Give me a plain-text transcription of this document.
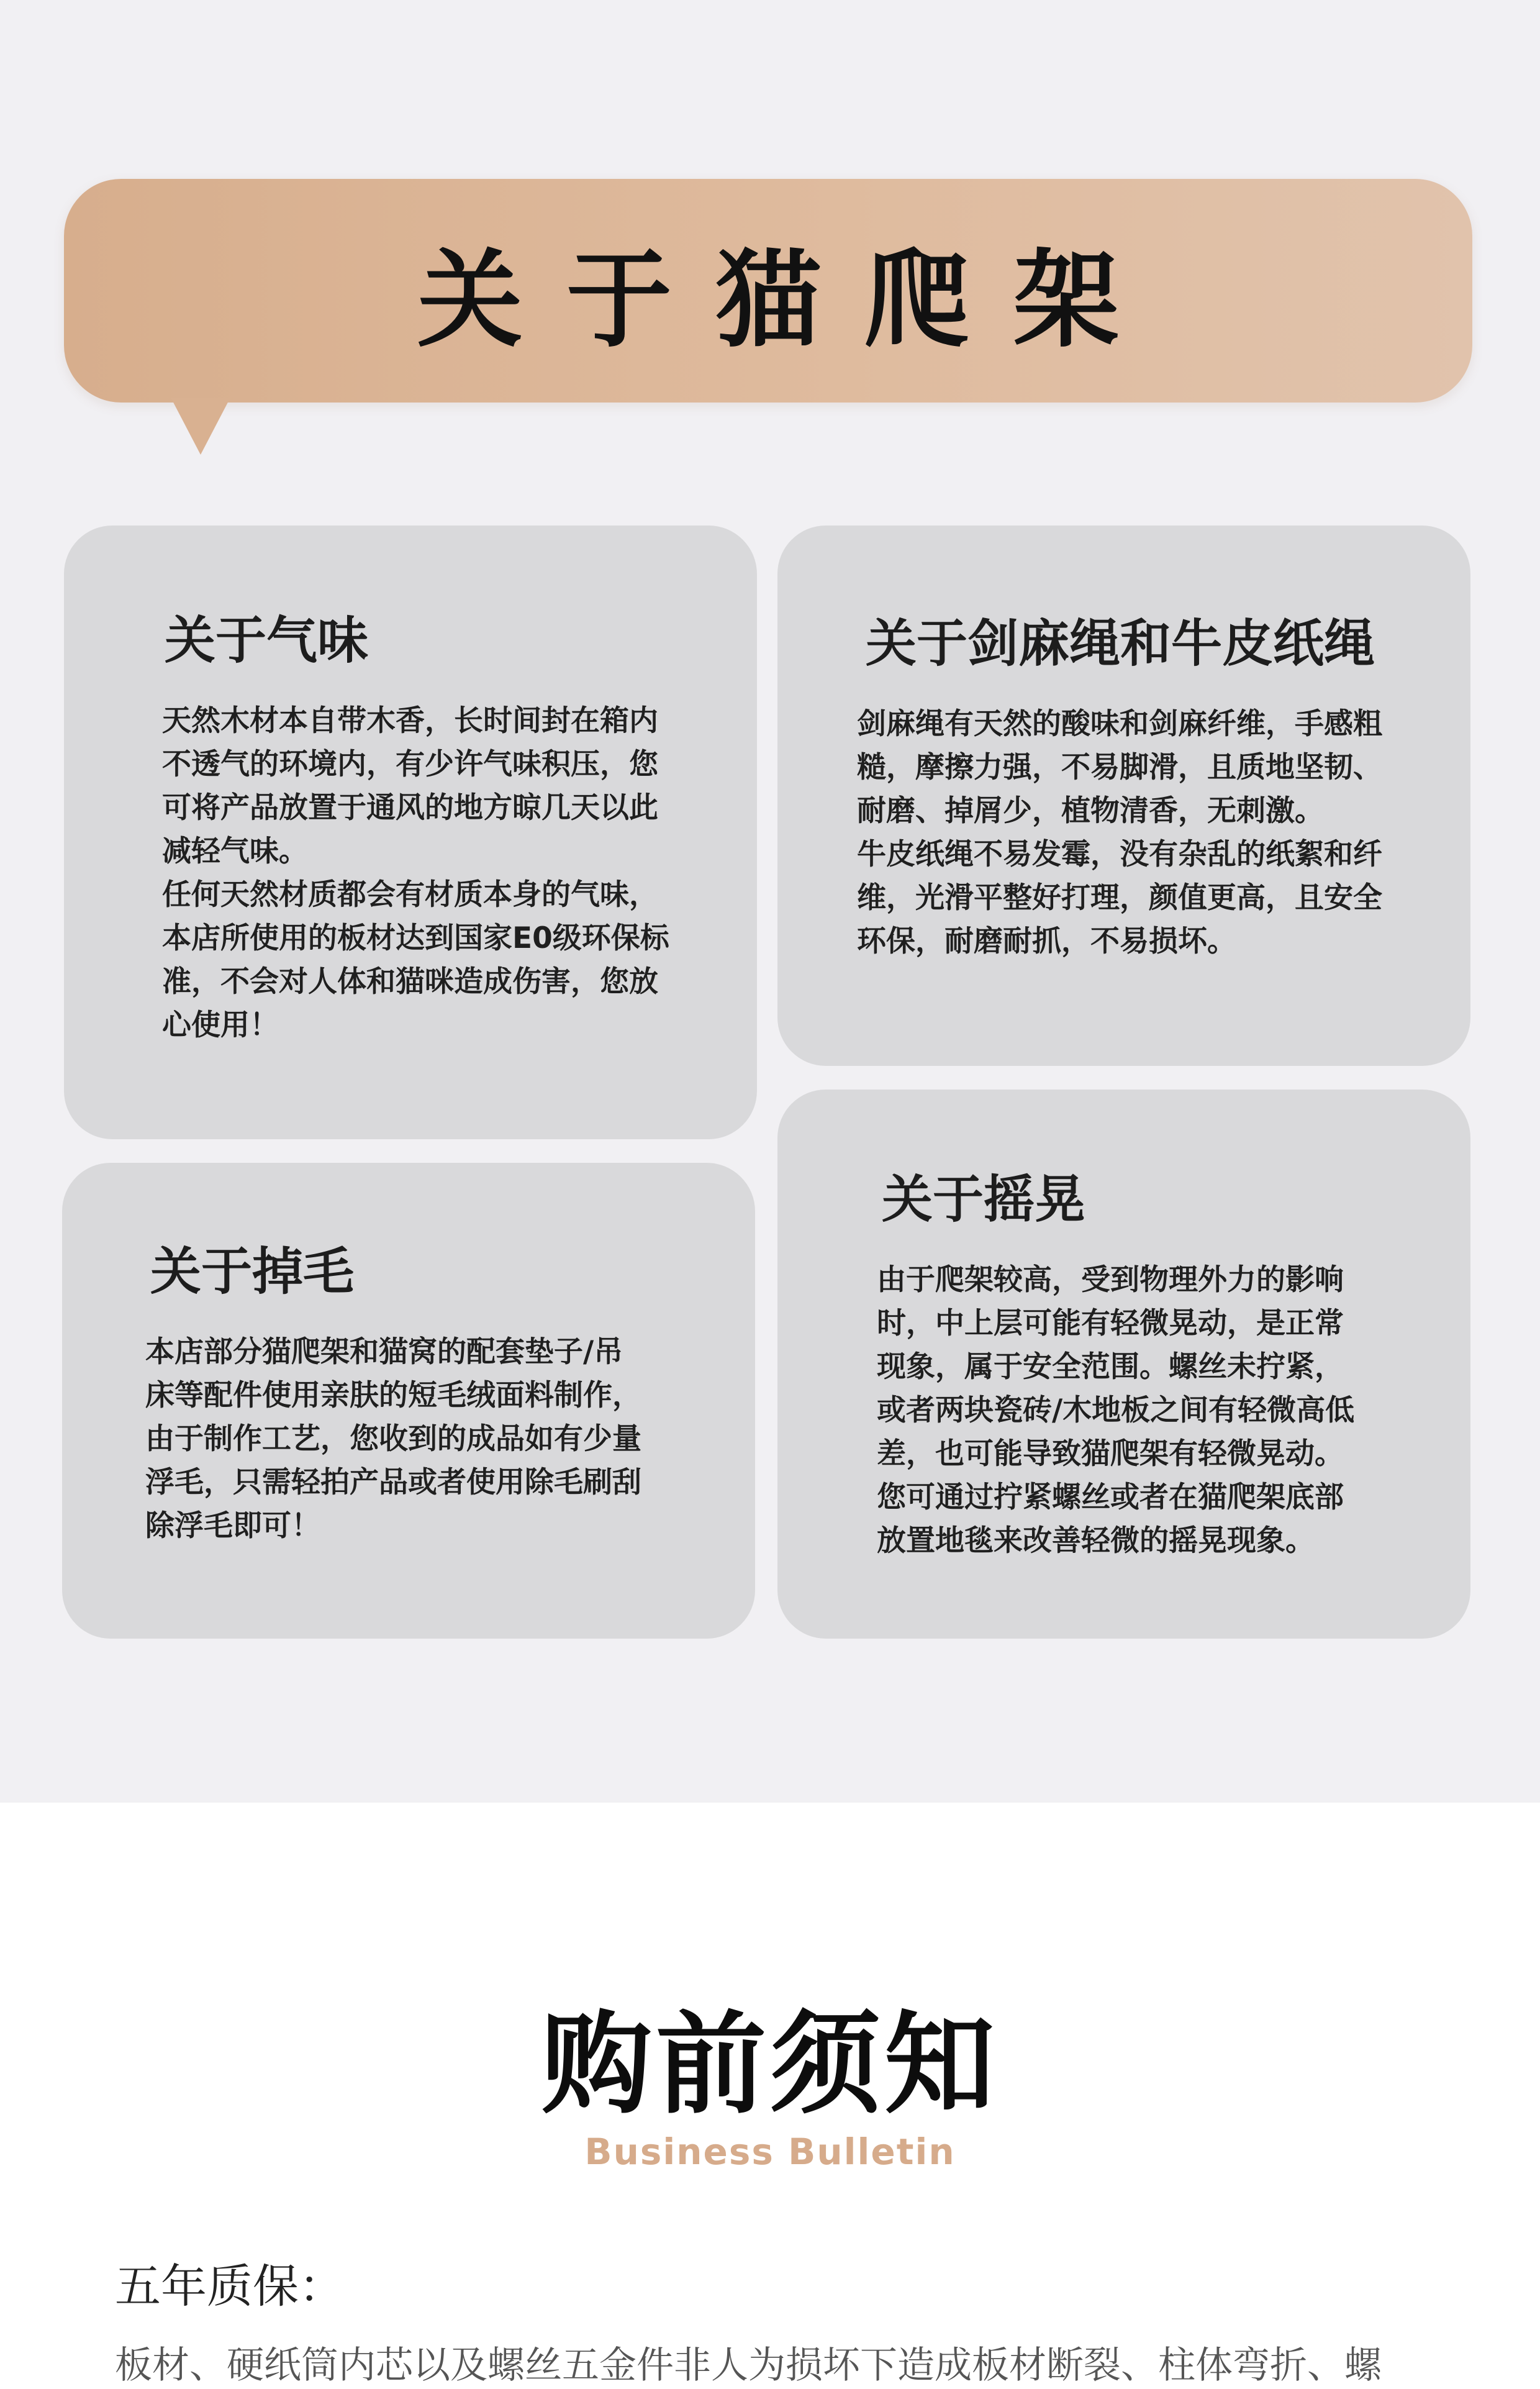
关于猫爬架
关于气味
天然木材本自带木香，长时间封在箱内
不透气的环境内，有少许气味积压，您
可将产品放置于通风的地方晾几天以此
减轻气味。
任何天然材质都会有材质本身的气味，
本店所使用的板材达到国家E0级环保标
准，不会对人体和猫咪造成伤害，您放
心使用！
关于剑麻绳和牛皮纸绳
剑麻绳有天然的酸味和剑麻纤维，手感粗
糙，摩擦力强，不易脚滑，且质地坚韧、
耐磨、掉屑少，植物清香，无刺激。
牛皮纸绳不易发霉，没有杂乱的纸絮和纤
维，光滑平整好打理，颜值更高，且安全
环保，耐磨耐抓，不易损坏。
关于掉毛
本店部分猫爬架和猫窝的配套垫子/吊
床等配件使用亲肤的短毛绒面料制作，
由于制作工艺，您收到的成品如有少量
浮毛，只需轻拍产品或者使用除毛刷刮
除浮毛即可！
关于摇晃
由于爬架较高，受到物理外力的影响
时，中上层可能有轻微晃动，是正常
现象，属于安全范围。螺丝未拧紧，
或者两块瓷砖/木地板之间有轻微高低
差，也可能导致猫爬架有轻微晃动。
您可通过拧紧螺丝或者在猫爬架底部
放置地毯来改善轻微的摇晃现象。
购前须知
Business Bulletin
五年质保：
板材、硬纸筒内芯以及螺丝五金件非人为损坏下造成板材断裂、柱体弯折、螺
